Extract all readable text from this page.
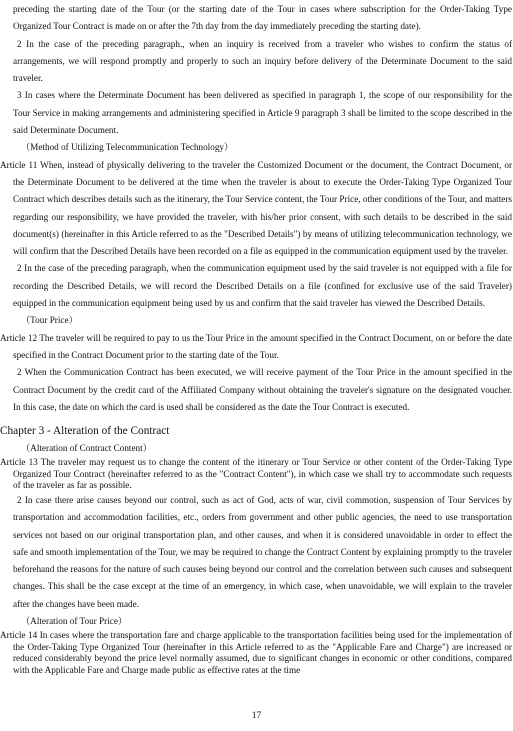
preceding the starting date of the Tour (or the starting date of the Tour in cases where subscription for the Order-Taking Type Organized Tour Contract is made on or after the 7th day from the day immediately preceding the starting date).

2 In the case of the preceding paragraph., when an inquiry is received from a traveler who wishes to confirm the status of arrangements, we will respond promptly and properly to such an inquiry before delivery of the Determinate Document to the said traveler.

3 In cases where the Determinate Document has been delivered as specified in paragraph 1, the scope of our responsibility for the Tour Service in making arrangements and administering specified in Article 9 paragraph 3 shall be limited to the scope described in the said Determinate Document.

（Method of Utilizing Telecommunication Technology）

Article 11 When, instead of physically delivering to the traveler the Customized Document or the document, the Contract Document, or the Determinate Document to be delivered at the time when the traveler is about to execute the Order-Taking Type Organized Tour Contract which describes details such as the itinerary, the Tour Service content, the Tour Price, other conditions of the Tour, and matters regarding our responsibility, we have provided the traveler, with his/her prior consent, with such details to be described in the said document(s) (hereinafter in this Article referred to as the "Described Details") by means of utilizing telecommunication technology, we will confirm that the Described Details have been recorded on a file as equipped in the communication equipment used by the traveler.

2 In the case of the preceding paragraph, when the communication equipment used by the said traveler is not equipped with a file for recording the Described Details, we will record the Described Details on a file (confined for exclusive use of the said Traveler) equipped in the communication equipment being used by us and confirm that the said traveler has viewed the Described Details.

（Tour Price）

Article 12 The traveler will be required to pay to us the Tour Price in the amount specified in the Contract Document, on or before the date specified in the Contract Document prior to the starting date of the Tour.

2 When the Communication Contract has been executed, we will receive payment of the Tour Price in the amount specified in the Contract Document by the credit card of the Affiliated Company without obtaining the traveler's signature on the designated voucher. In this case, the date on which the card is used shall be considered as the date the Tour Contract is executed.

Chapter 3 - Alteration of the Contract

（Alteration of Contract Content）

Article 13 The traveler may request us to change the content of the itinerary or Tour Service or other content of the Order-Taking Type Organized Tour Contract (hereinafter referred to as the "Contract Content"), in which case we shall try to accommodate such requests of the traveler as far as possible.

2 In case there arise causes beyond our control, such as act of God, acts of war, civil commotion, suspension of Tour Services by transportation and accommodation facilities, etc., orders from government and other public agencies, the need to use transportation services not based on our original transportation plan, and other causes, and when it is considered unavoidable in order to effect the safe and smooth implementation of the Tour, we may be required to change the Contract Content by explaining promptly to the traveler beforehand the reasons for the nature of such causes being beyond our control and the correlation between such causes and subsequent changes. This shall be the case except at the time of an emergency, in which case, when unavoidable, we will explain to the traveler after the changes have been made.

（Alteration of Tour Price）

Article 14 In cases where the transportation fare and charge applicable to the transportation facilities being used for the implementation of the Order-Taking Type Organized Tour (hereinafter in this Article referred to as the "Applicable Fare and Charge") are increased or reduced considerably beyond the price level normally assumed, due to significant changes in economic or other conditions, compared with the Applicable Fare and Charge made public as effective rates at the time

17
